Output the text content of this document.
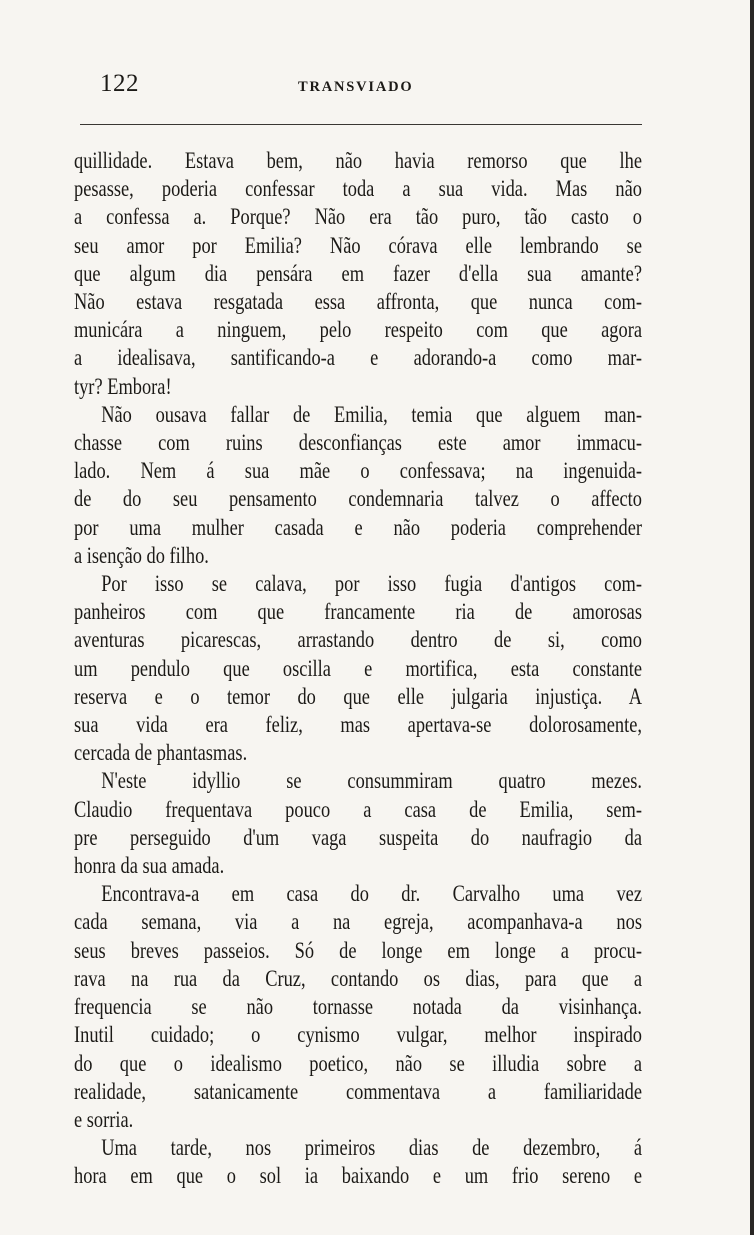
122	TRANSVIADO
quillidade. Estava bem, não havia remorso que lhe
pesasse, poderia confessar toda a sua vida. Mas não
a confessa a. Porque? Não era tão puro, tão casto o
seu amor por Emilia? Não córava elle lembrando se
que algum dia pensára em fazer d'ella sua amante?
Não estava resgatada essa affronta, que nunca com-
municára a ninguem, pelo respeito com que agora
a idealisava, santificando-a e adorando-a como mar-
tyr? Embora!
Não ousava fallar de Emilia, temia que alguem man-
chasse com ruins desconfianças este amor immacu-
lado. Nem á sua mãe o confessava; na ingenuida-
de do seu pensamento condemnaria talvez o affecto
por uma mulher casada e não poderia comprehender
a isenção do filho.
Por isso se calava, por isso fugia d'antigos com-
panheiros com que francamente ria de amorosas
aventuras picarescas, arrastando dentro de si, como
um pendulo que oscilla e mortifica, esta constante
reserva e o temor do que elle julgaria injustiça. A
sua vida era feliz, mas apertava-se dolorosamente,
cercada de phantasmas.
N'este idyllio se consummiram quatro mezes.
Claudio frequentava pouco a casa de Emilia, sem-
pre perseguido d'um vaga suspeita do naufragio da
honra da sua amada.
Encontrava-a em casa do dr. Carvalho uma vez
cada semana, via a na egreja, acompanhava-a nos
seus breves passeios. Só de longe em longe a procu-
rava na rua da Cruz, contando os dias, para que a
frequencia se não tornasse notada da visinhança.
Inutil cuidado; o cynismo vulgar, melhor inspirado
do que o idealismo poetico, não se illudia sobre a
realidade, satanicamente commentava a familiaridade
e sorria.
Uma tarde, nos primeiros dias de dezembro, á
hora em que o sol ia baixando e um frio sereno e
